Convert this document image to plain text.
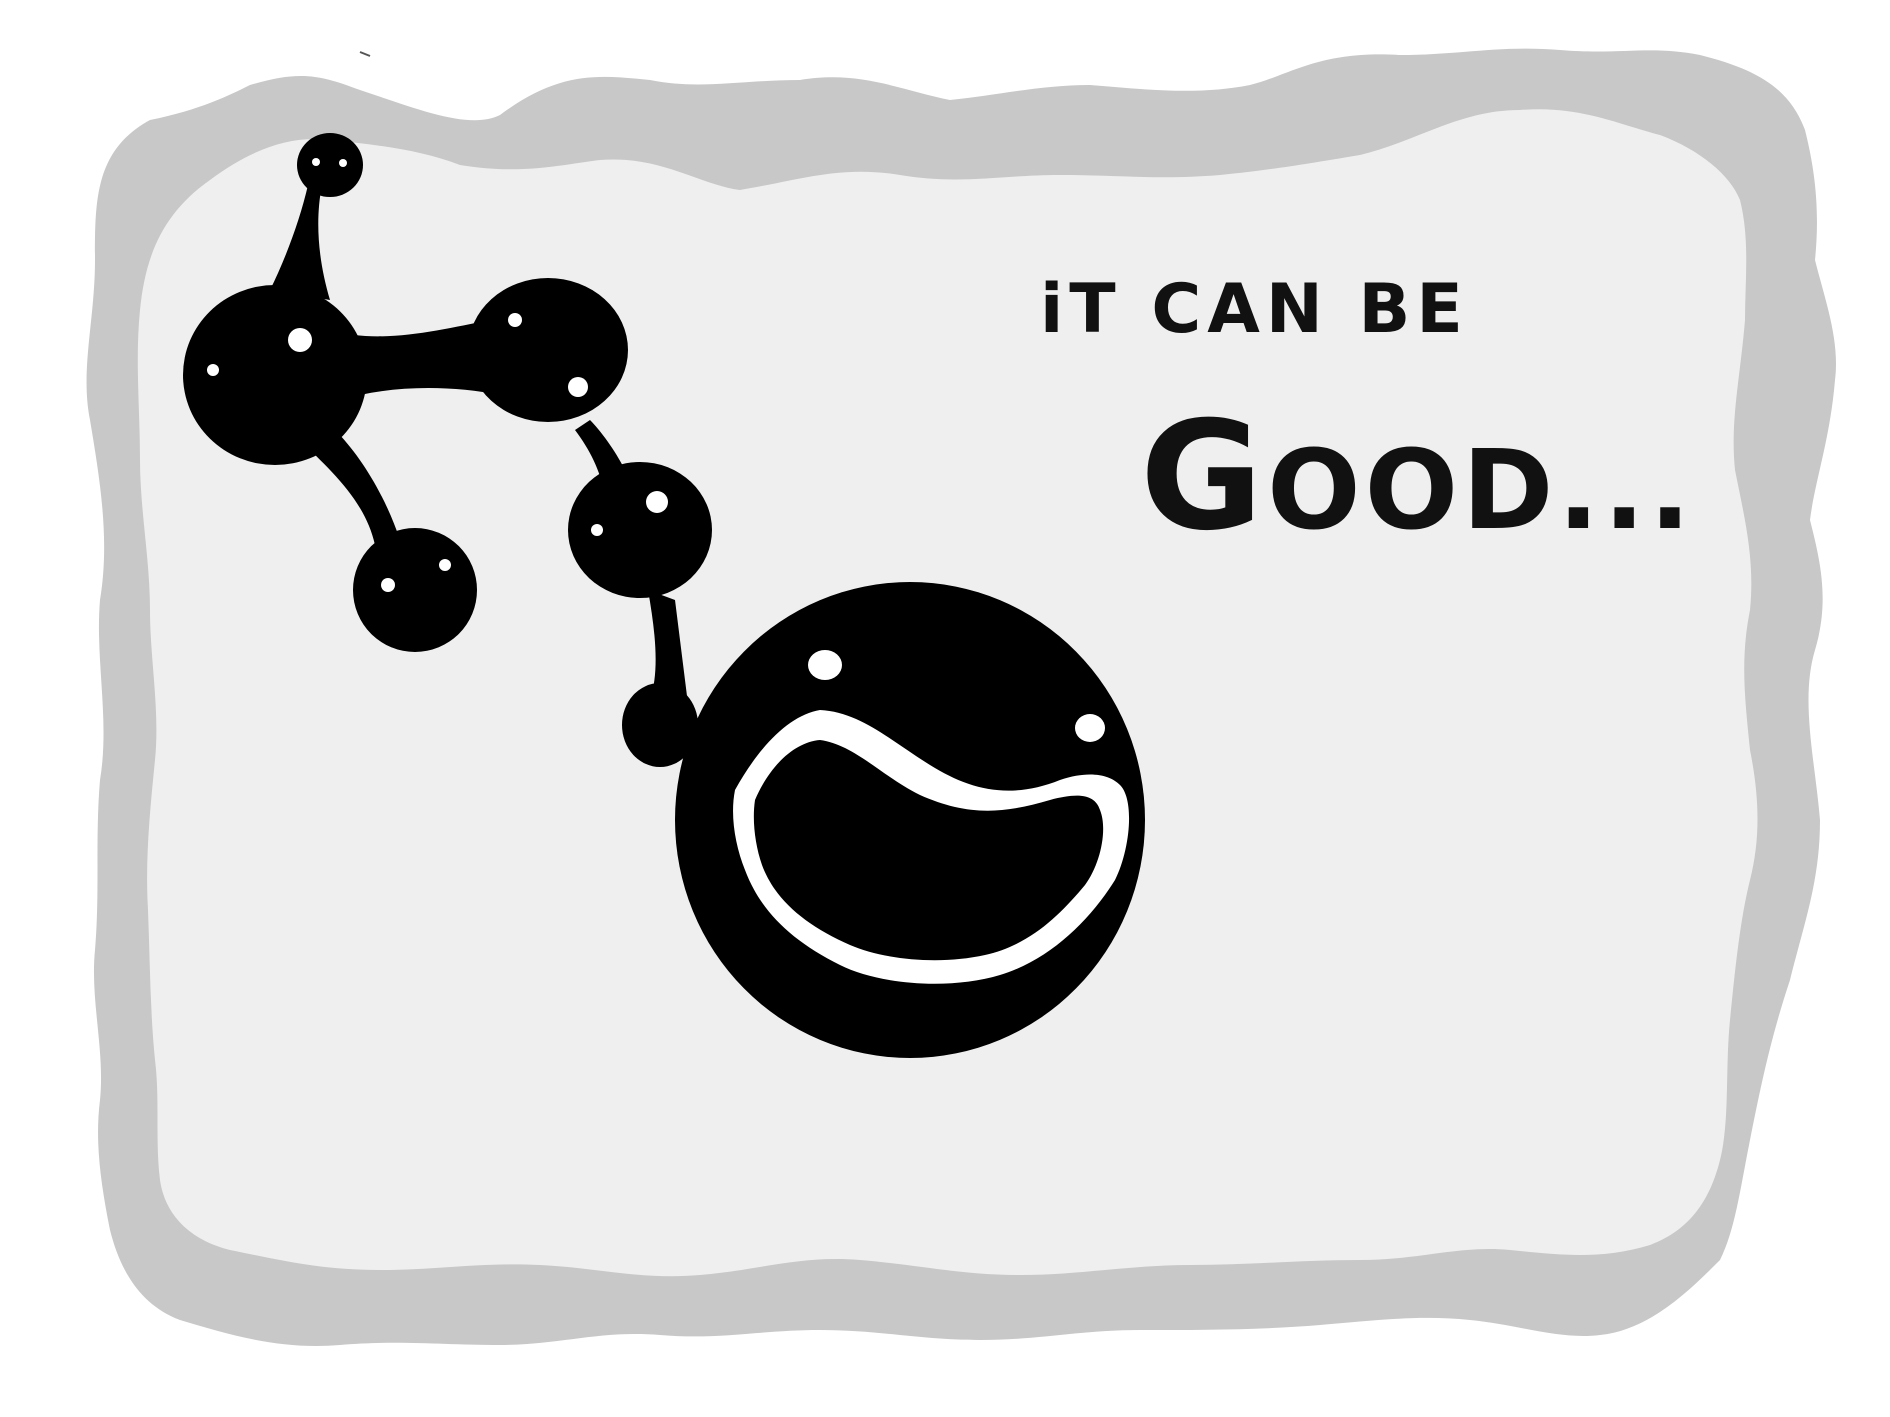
iT CAN BE
GOOD...
